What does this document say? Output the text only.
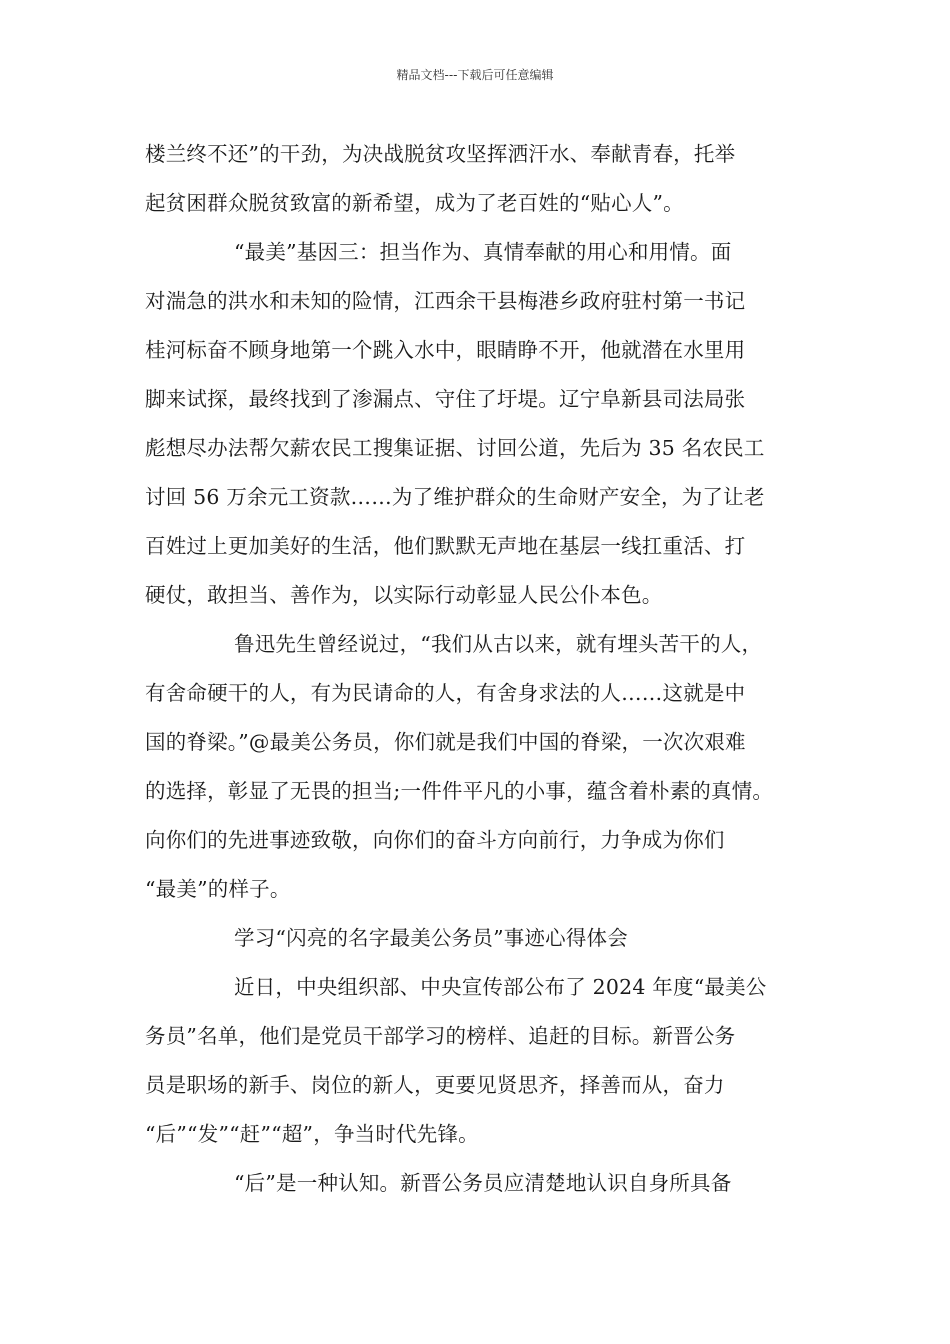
精品文档---下载后可任意编辑
楼兰终不还”的干劲，为决战脱贫攻坚挥洒汗水、奉献青春，托举
起贫困群众脱贫致富的新希望，成为了老百姓的“贴心人”。
“最美”基因三：担当作为、真情奉献的用心和用情。面
对湍急的洪水和未知的险情，江西余干县梅港乡政府驻村第一书记
桂河标奋不顾身地第一个跳入水中，眼睛睁不开，他就潜在水里用
脚来试探，最终找到了渗漏点、守住了圩堤。辽宁阜新县司法局张
彪想尽办法帮欠薪农民工搜集证据、讨回公道，先后为 35 名农民工
讨回 56 万余元工资款……为了维护群众的生命财产安全，为了让老
百姓过上更加美好的生活，他们默默无声地在基层一线扛重活、打
硬仗，敢担当、善作为，以实际行动彰显人民公仆本色。
鲁迅先生曾经说过，“我们从古以来，就有埋头苦干的人，
有舍命硬干的人，有为民请命的人，有舍身求法的人……这就是中
国的脊梁。”@最美公务员，你们就是我们中国的脊梁，一次次艰难
的选择，彰显了无畏的担当;一件件平凡的小事，蕴含着朴素的真情。
向你们的先进事迹致敬，向你们的奋斗方向前行，力争成为你们
“最美”的样子。
学习“闪亮的名字最美公务员”事迹心得体会
近日，中央组织部、中央宣传部公布了 2024 年度“最美公
务员”名单，他们是党员干部学习的榜样、追赶的目标。新晋公务
员是职场的新手、岗位的新人，更要见贤思齐，择善而从，奋力
“后”“发”“赶”“超”，争当时代先锋。
“后”是一种认知。新晋公务员应清楚地认识自身所具备
